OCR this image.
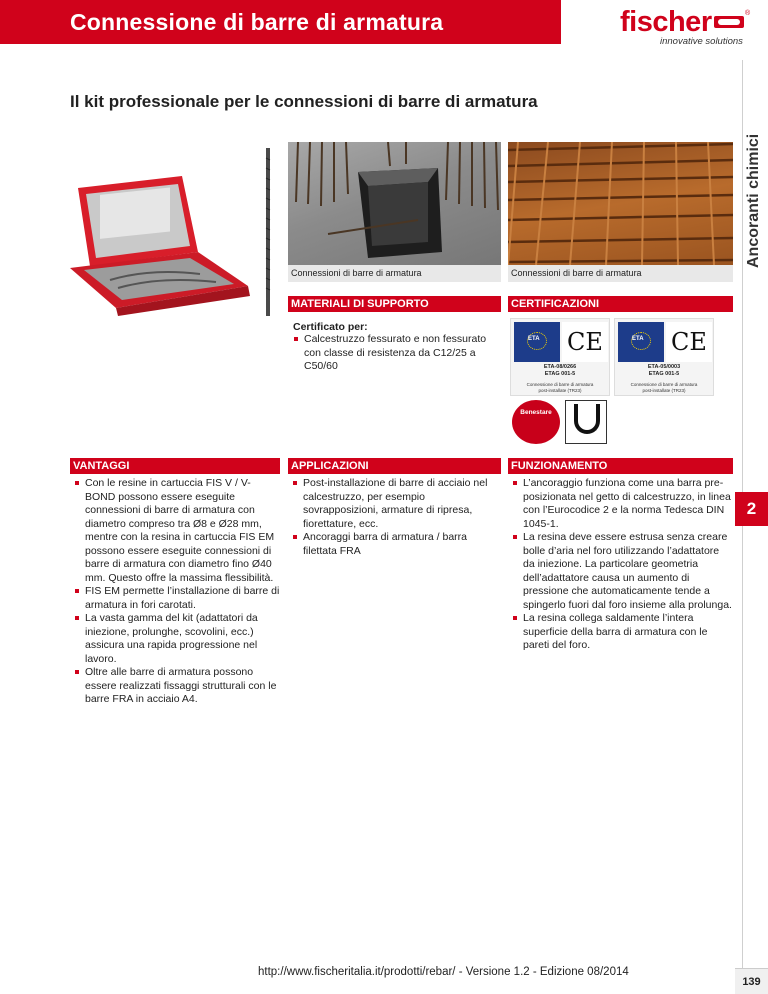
Connessione di barre di armatura	fischer	®
innovative solutions
Ancoranti chimici
2
139
Il kit professionale per le connessioni di barre di armatura
Connessioni di barre di armatura	Connessioni di barre di armatura
MATERIALI DI SUPPORTO
Certificato per:
Calcestruzzo fessurato e non fessurato con classe di resistenza da C12/25 a C50/60
CERTIFICAZIONI
ETA CE
ETA-08/0266
ETAG 001-5
Connessione di barre di armatura
post-installate (TR23)
ETA CE
ETA-05/0003
ETAG 001-5
Connessione di barre di armatura
post-installate (TR23)
Benestare
VANTAGGI
Con le resine in cartuccia FIS V / V-BOND possono essere eseguite connessioni di barre di armatura con diametro compreso tra Ø8 e Ø28 mm, mentre con la resina in cartuccia FIS EM possono essere eseguite connessioni di barre di armatura con diametro fino Ø40 mm. Questo offre la massima flessibilità.
FIS EM permette l’installazione di barre di armatura in fori carotati.
La vasta gamma del kit (adattatori da iniezione, prolunghe, scovolini, ecc.) assicura una rapida progressione nel lavoro.
Oltre alle barre di armatura possono essere realizzati fissaggi strutturali con le barre FRA in acciaio A4.
APPLICAZIONI
Post-installazione di barre di acciaio nel calcestruzzo, per esempio sovrapposizioni, armature di ripresa, fiorettature, ecc.
Ancoraggi barra di armatura / barra filettata FRA
FUNZIONAMENTO
L’ancoraggio funziona come una barra pre-posizionata nel getto di calcestruzzo, in linea con l’Eurocodice 2 e la norma Tedesca DIN 1045-1.
La resina deve essere estrusa senza creare bolle d’aria nel foro utilizzando l’adattatore da iniezione. La particolare geometria dell’adattatore causa un aumento di pressione che automaticamente tende a spingerlo fuori dal foro insieme alla prolunga.
La resina collega saldamente l’intera superficie della barra di armatura con le pareti del foro.
http://www.fischeritalia.it/prodotti/rebar/ - Versione 1.2 - Edizione 08/2014
